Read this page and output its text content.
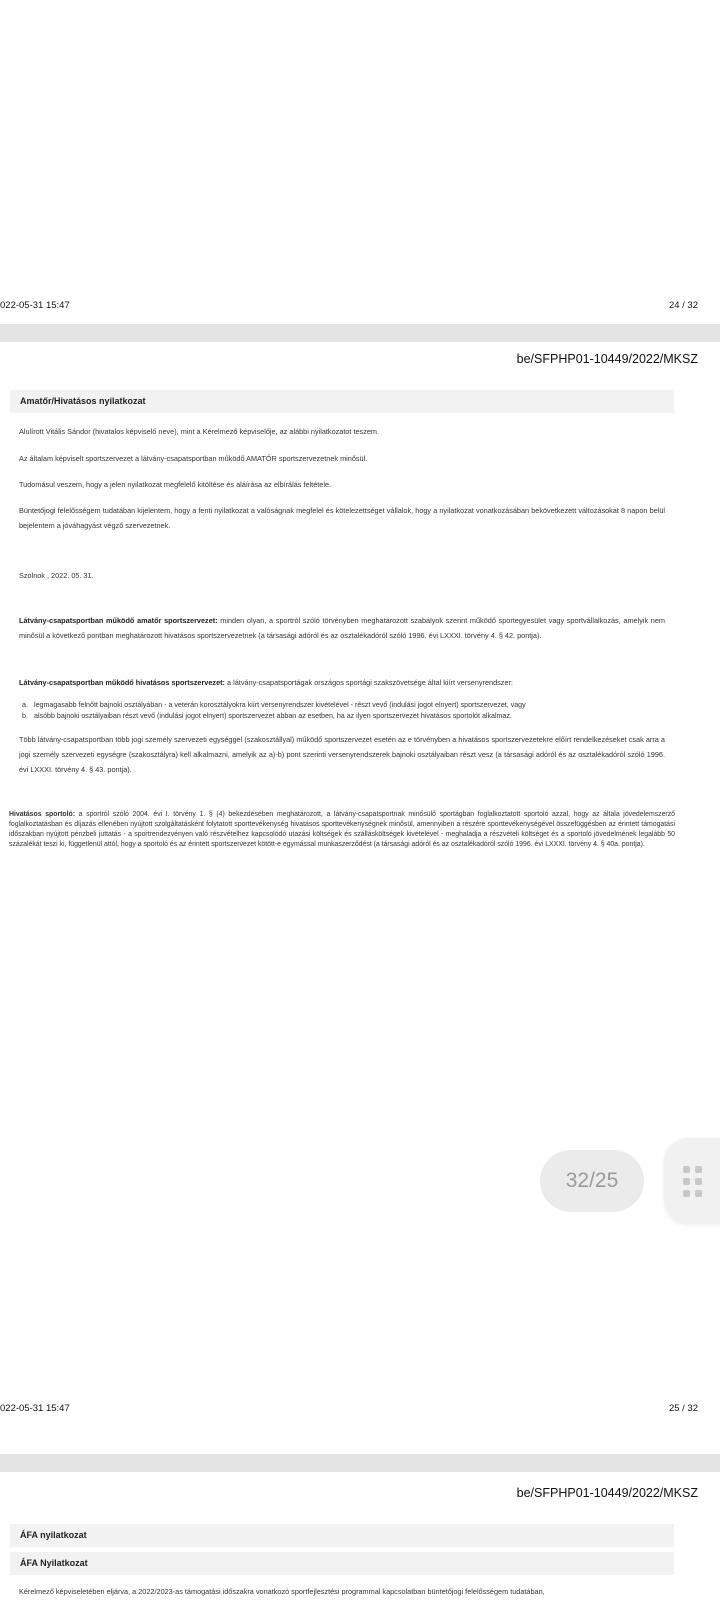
022-05-31 15:47	24 / 32
be/SFPHP01-10449/2022/MKSZ
Amatőr/Hivatásos nyilatkozat
Alulírott Vitális Sándor (hivatalos képviselő neve), mint a Kérelmező képviselője, az alábbi nyilatkozatot teszem.
Az általam képviselt sportszervezet a látvány-csapatsportban működő AMATŐR sportszervezetnek minősül.
Tudomásul veszem, hogy a jelen nyilatkozat megfelelő kitöltése és aláírása az elbírálás feltétele.
Büntetőjogi felelősségem tudatában kijelentem, hogy a fenti nyilatkozat a valóságnak megfelel és kötelezettséget vállalok, hogy a nyilatkozat vonatkozásában bekövetkezett változásokat 8 napon belül bejelentem a jóváhagyást végző szervezetnek.
Szolnok , 2022. 05. 31.
Látvány-csapatsportban működő amatőr sportszervezet: minden olyan, a sportról szóló törvényben meghatározott szabályok szerint működő sportegyesület vagy sportvállalkozás, amelyik nem minősül a következő pontban meghatározott hivatásos sportszervezetnek (a társasági adóról és az osztalékadóról szóló 1996. évi LXXXI. törvény 4. § 42. pontja).
Látvány-csapatsportban működő hivatásos sportszervezet: a látvány-csapatsportágak országos sportági szakszövetsége által kiírt versenyrendszer:
a. legmagasabb felnőtt bajnoki osztályában - a veterán korosztályokra kiírt versenyrendszer kivételével - részt vevő (indulási jogot elnyert) sportszervezet, vagy
b. alsóbb bajnoki osztályaiban részt vevő (indulási jogot elnyert) sportszervezet abban az esetben, ha az ilyen sportszervezet hivatásos sportolót alkalmaz.
Több látvány-csapatsportban több jogi személy szervezeti egységgel (szakosztállyal) működő sportszervezet esetén az e törvényben a hivatásos sportszervezetekre előírt rendelkezéseket csak arra a jogi személy szervezeti egységre (szakosztályra) kell alkalmazni, amelyik az a)-b) pont szerinti versenyrendszerek bajnoki osztályaiban részt vesz (a társasági adóról és az osztalékadóról szóló 1996. évi LXXXI. törvény 4. § 43. pontja).
Hivatásos sportoló: a sportról szóló 2004. évi I. törvény 1. § (4) bekezdésében meghatározott, a látvány-csapatsportnak minősülő sportágban foglalkoztatott sportoló azzal, hogy az általa jövedelemszerző foglalkoztatásban és díjazás ellenében nyújtott szolgáltatásként folytatott sporttevékenység hivatásos sporttevékenységnek minősül, amennyiben a részére sporttevékenységével összefüggésben az érintett támogatási időszakban nyújtott pénzbeli juttatás - a sportrendezvényen való részvételhez kapcsolódó utazási költségek és szállásköltségek kivételével - meghaladja a részvételi költséget és a sportoló jövedelmének legalább 50 százalékát teszi ki, függetlenül attól, hogy a sportoló és az érintett sportszervezet kötött-e egymással munkaszerződést (a társasági adóról és az osztalékadóról szóló 1996. évi LXXXI. törvény 4. § 40a. pontja).
022-05-31 15:47	25 / 32
be/SFPHP01-10449/2022/MKSZ
ÁFA nyilatkozat
ÁFA Nyilatkozat
Kérelmező képviseletében eljárva, a 2022/2023-as támogatási időszakra vonatkozó sportfejlesztési programmal kapcsolatban büntetőjogi felelősségem tudatában,
32/25
